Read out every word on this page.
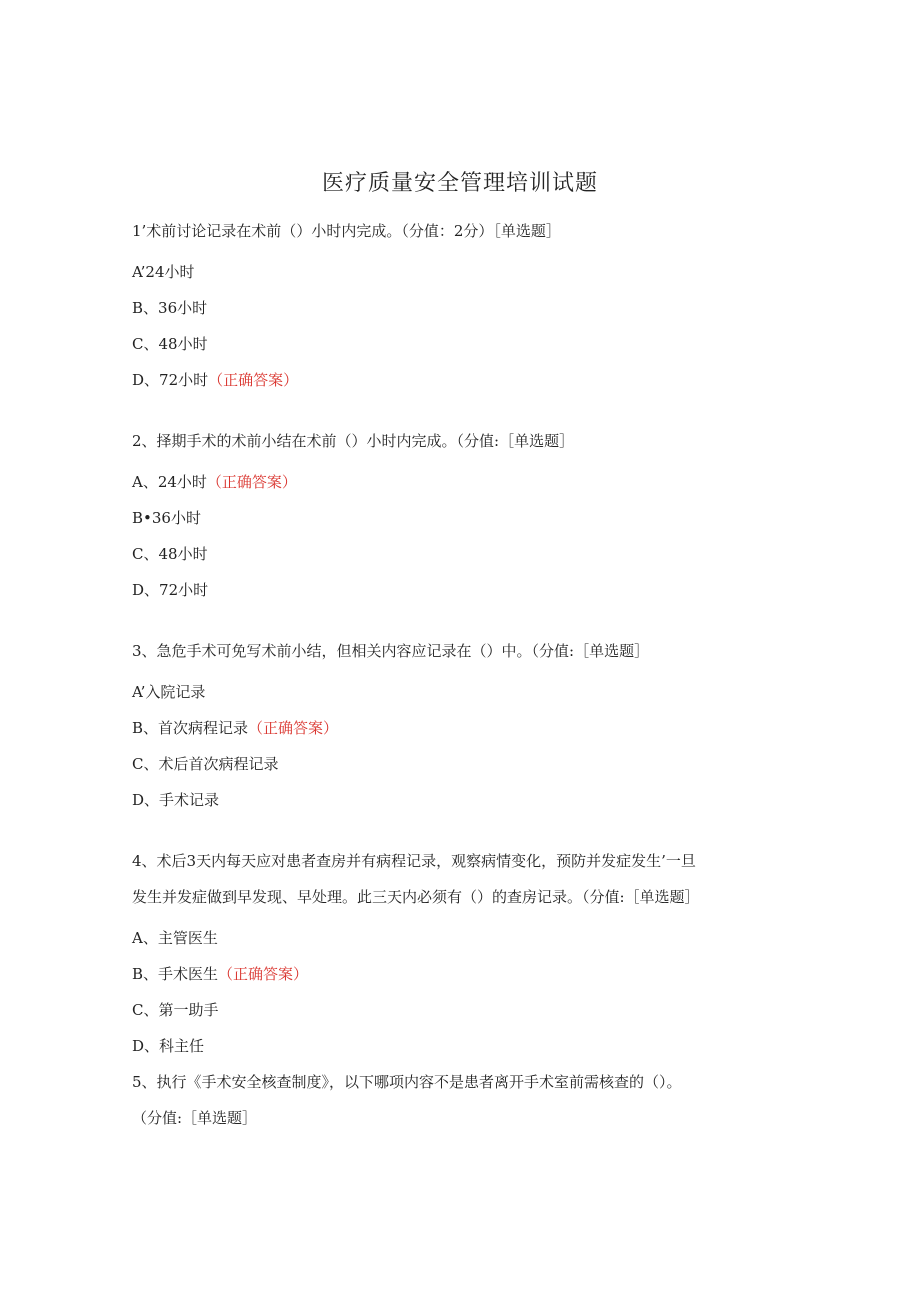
医疗质量安全管理培训试题
1’术前讨论记录在术前（）小时内完成。（分值：2分）［单选题］
A’24小时
B、36小时
C、48小时
D、72小时（正确答案）
2、择期手术的术前小结在术前（）小时内完成。（分值:［单选题］
A、24小时（正确答案）
B•36小时
C、48小时
D、72小时
3、急危手术可免写术前小结，但相关内容应记录在（）中。（分值:［单选题］
A’入院记录
B、首次病程记录（正确答案）
C、术后首次病程记录
D、手术记录
4、术后3天内每天应对患者查房并有病程记录，观察病情变化，预防并发症发生’一旦
发生并发症做到早发现、早处理。此三天内必须有（）的查房记录。（分值:［单选题］
A、主管医生
B、手术医生（正确答案）
C、第一助手
D、科主任
5、执行《手术安全核查制度》，以下哪项内容不是患者离开手术室前需核查的（）。
（分值:［单选题］
